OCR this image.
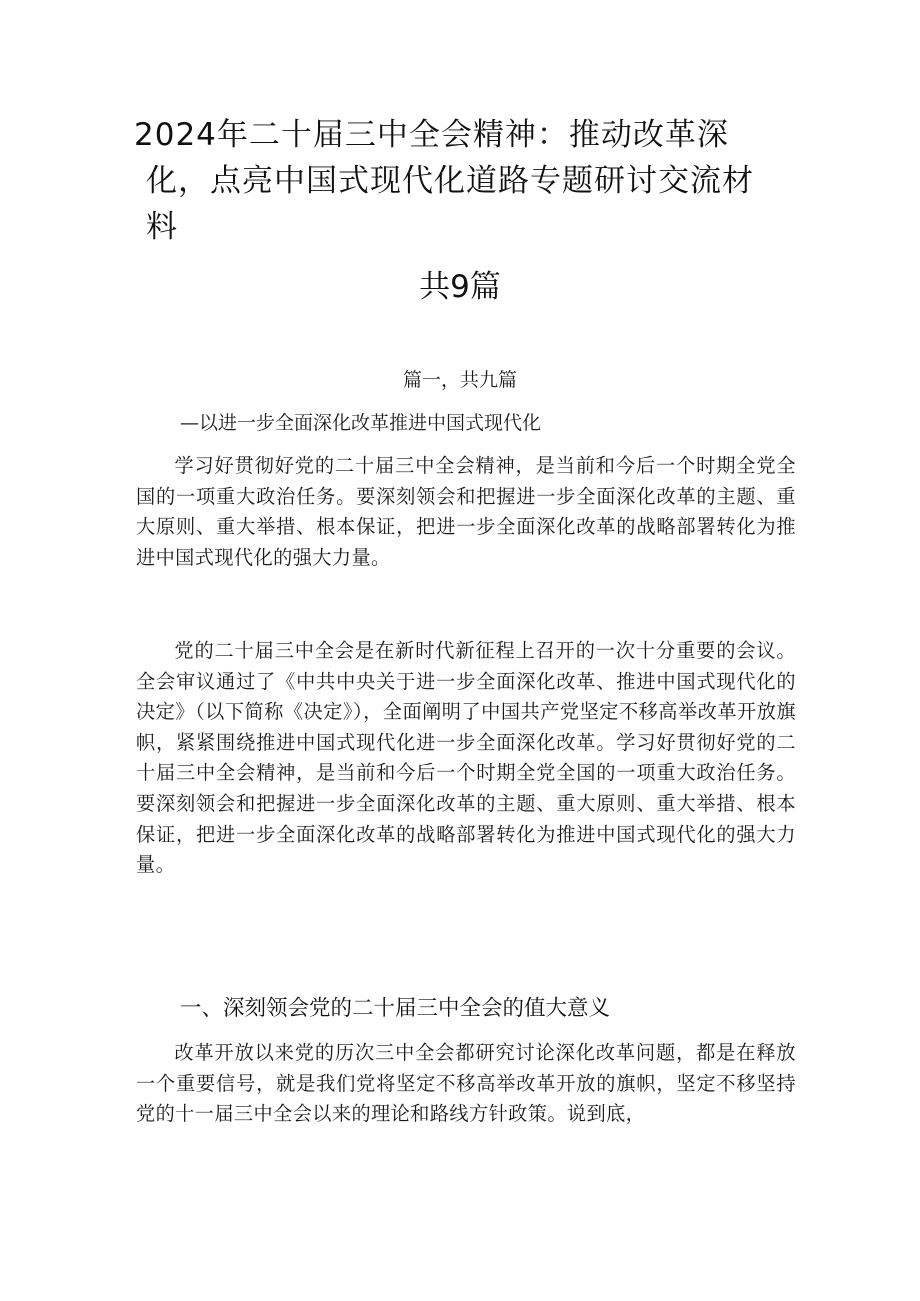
2024年二十届三中全会精神：推动改革深
化，点亮中国式现代化道路专题研讨交流材
料
共9篇
篇一，共九篇
—以进一步全面深化改革推进中国式现代化

学习好贯彻好党的二十届三中全会精神，是当前和今后一个时期全党全国的一项重大政治任务。要深刻领会和把握进一步全面深化改革的主题、重大原则、重大举措、根本保证，把进一步全面深化改革的战略部署转化为推进中国式现代化的强大力量。

党的二十届三中全会是在新时代新征程上召开的一次十分重要的会议。全会审议通过了《中共中央关于进一步全面深化改革、推进中国式现代化的决定》（以下简称《决定》），全面阐明了中国共产党坚定不移高举改革开放旗帜，紧紧围绕推进中国式现代化进一步全面深化改革。学习好贯彻好党的二十届三中全会精神，是当前和今后一个时期全党全国的一项重大政治任务。要深刻领会和把握进一步全面深化改革的主题、重大原则、重大举措、根本保证，把进一步全面深化改革的战略部署转化为推进中国式现代化的强大力量。

一、深刻领会党的二十届三中全会的值大意义

改革开放以来党的历次三中全会都研究讨论深化改革问题，都是在释放一个重要信号，就是我们党将坚定不移高举改革开放的旗帜，坚定不移坚持党的十一届三中全会以来的理论和路线方针政策。说到底，
